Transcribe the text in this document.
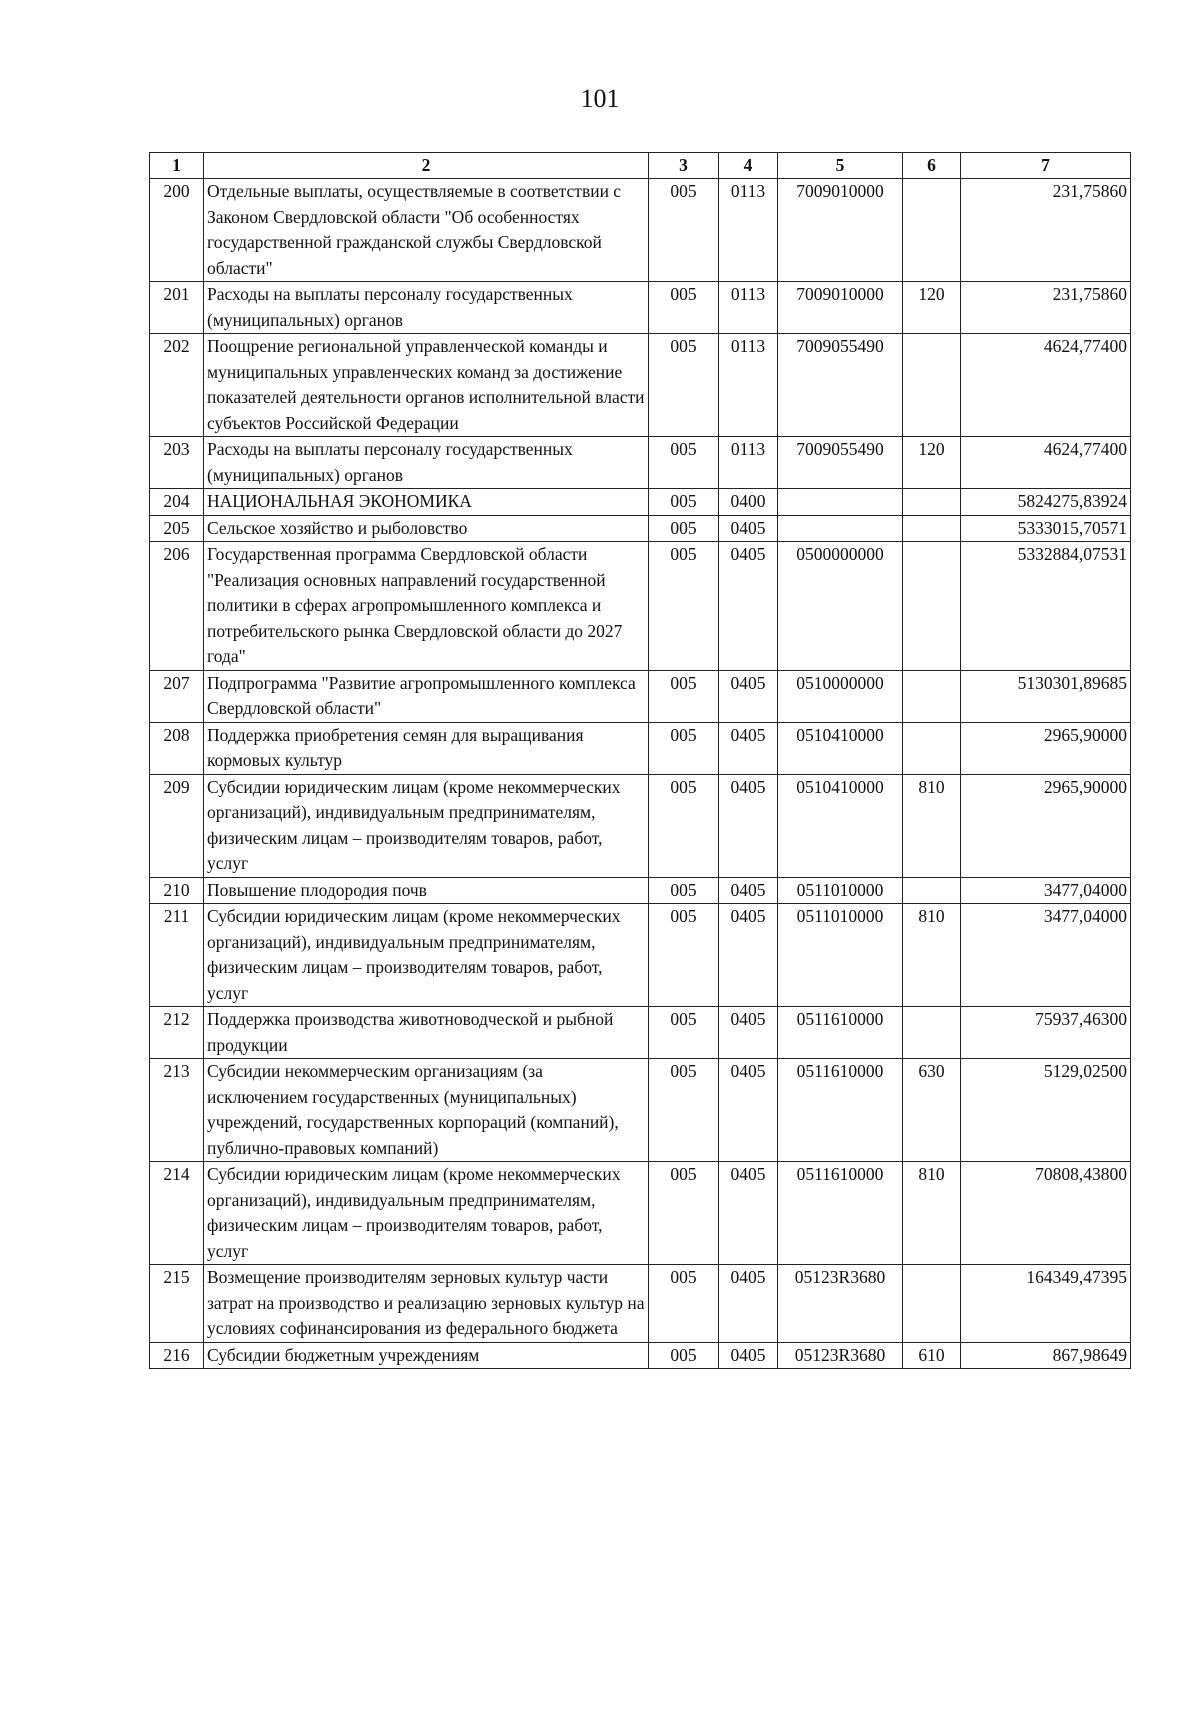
101
1	2	3	4	5	6	7
200	Отдельные выплаты, осуществляемые в соответствии с Законом Свердловской области "Об особенностях государственной гражданской службы Свердловской области"	005	0113	7009010000		231,75860
201	Расходы на выплаты персоналу государственных (муниципальных) органов	005	0113	7009010000	120	231,75860
202	Поощрение региональной управленческой команды и муниципальных управленческих команд за достижение показателей деятельности органов исполнительной власти субъектов Российской Федерации	005	0113	7009055490		4624,77400
203	Расходы на выплаты персоналу государственных (муниципальных) органов	005	0113	7009055490	120	4624,77400
204	НАЦИОНАЛЬНАЯ ЭКОНОМИКА	005	0400			5824275,83924
205	Сельское хозяйство и рыболовство	005	0405			5333015,70571
206	Государственная программа Свердловской области "Реализация основных направлений государственной политики в сферах агропромышленного комплекса и потребительского рынка Свердловской области до 2027 года"	005	0405	0500000000		5332884,07531
207	Подпрограмма "Развитие агропромышленного комплекса Свердловской области"	005	0405	0510000000		5130301,89685
208	Поддержка приобретения семян для выращивания кормовых культур	005	0405	0510410000		2965,90000
209	Субсидии юридическим лицам (кроме некоммерческих организаций), индивидуальным предпринимателям, физическим лицам – производителям товаров, работ, услуг	005	0405	0510410000	810	2965,90000
210	Повышение плодородия почв	005	0405	0511010000		3477,04000
211	Субсидии юридическим лицам (кроме некоммерческих организаций), индивидуальным предпринимателям, физическим лицам – производителям товаров, работ, услуг	005	0405	0511010000	810	3477,04000
212	Поддержка производства животноводческой и рыбной продукции	005	0405	0511610000		75937,46300
213	Субсидии некоммерческим организациям (за исключением государственных (муниципальных) учреждений, государственных корпораций (компаний), публично-правовых компаний)	005	0405	0511610000	630	5129,02500
214	Субсидии юридическим лицам (кроме некоммерческих организаций), индивидуальным предпринимателям, физическим лицам – производителям товаров, работ, услуг	005	0405	0511610000	810	70808,43800
215	Возмещение производителям зерновых культур части затрат на производство и реализацию зерновых культур на условиях софинансирования из федерального бюджета	005	0405	05123R3680		164349,47395
216	Субсидии бюджетным учреждениям	005	0405	05123R3680	610	867,98649
